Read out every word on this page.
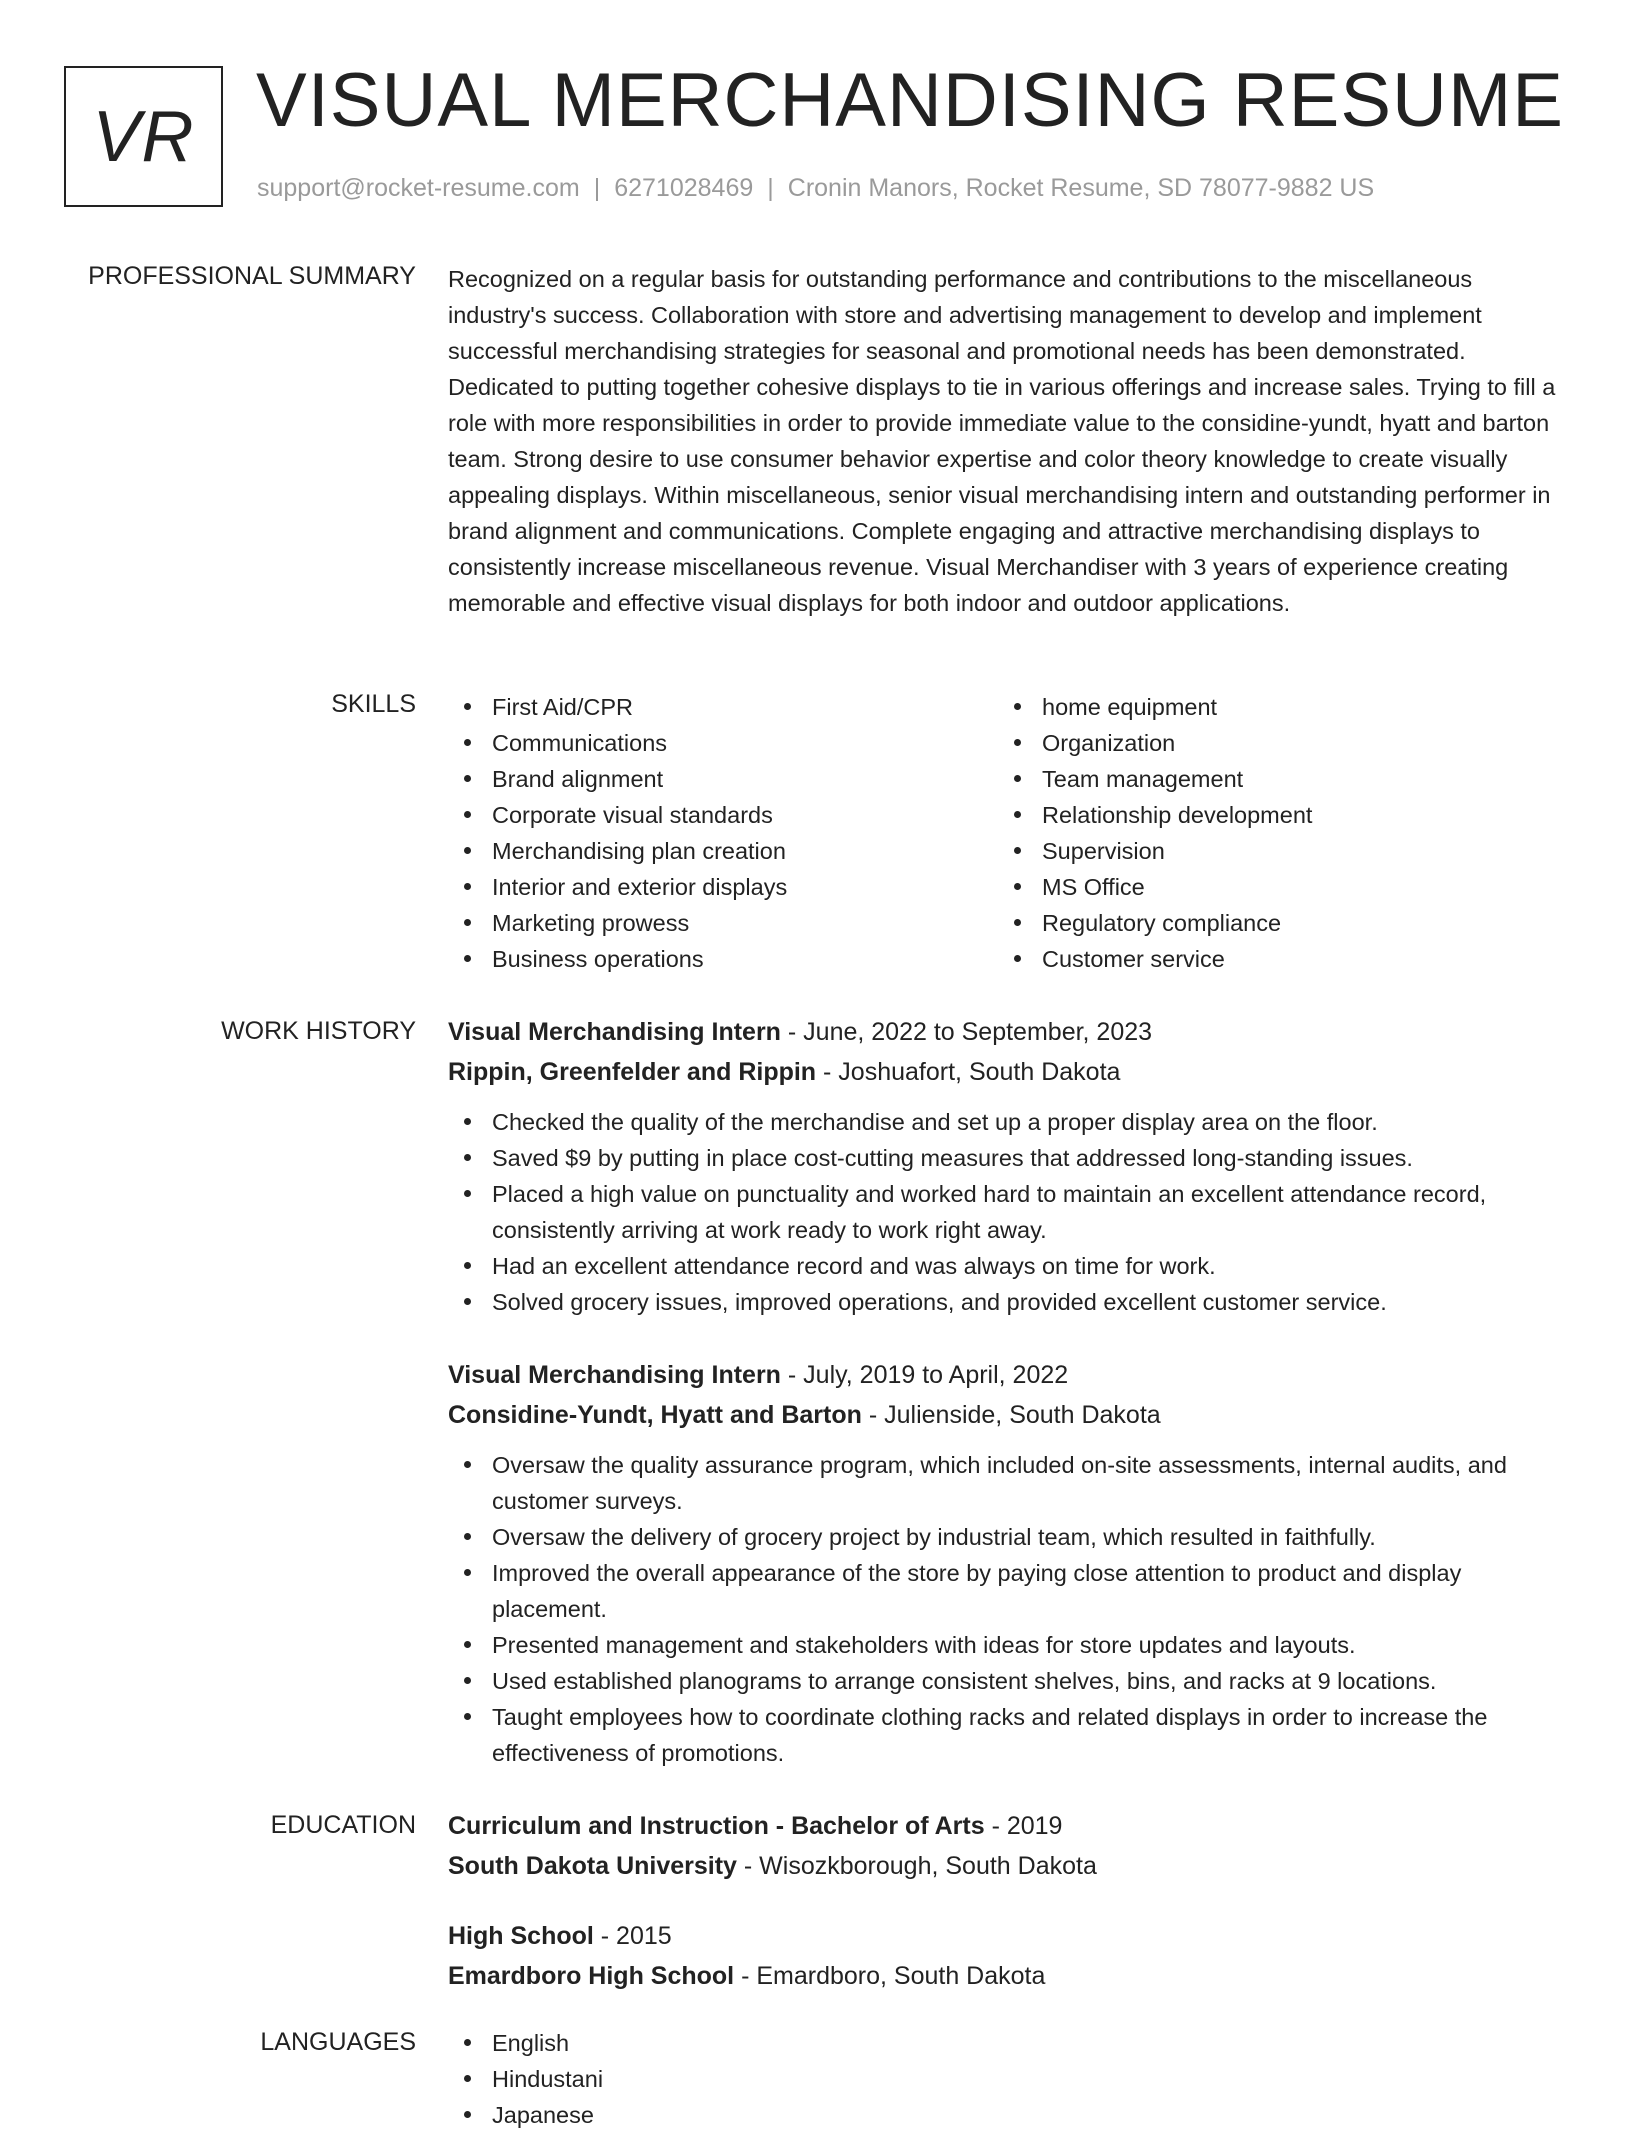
VR VISUAL MERCHANDISING RESUME
support@rocket-resume.com | 6271028469 | Cronin Manors, Rocket Resume, SD 78077-9882 US
PROFESSIONAL SUMMARY Recognized on a regular basis for outstanding performance and contributions to the miscellaneous industry's success. Collaboration with store and advertising management to develop and implement successful merchandising strategies for seasonal and promotional needs has been demonstrated. Dedicated to putting together cohesive displays to tie in various offerings and increase sales. Trying to fill a role with more responsibilities in order to provide immediate value to the considine-yundt, hyatt and barton team. Strong desire to use consumer behavior expertise and color theory knowledge to create visually appealing displays. Within miscellaneous, senior visual merchandising intern and outstanding performer in brand alignment and communications. Complete engaging and attractive merchandising displays to consistently increase miscellaneous revenue. Visual Merchandiser with 3 years of experience creating memorable and effective visual displays for both indoor and outdoor applications.

SKILLS	First Aid/CPR
Communications
Brand alignment
Corporate visual standards
Merchandising plan creation
Interior and exterior displays
Marketing prowess
Business operations
home equipment
Organization
Team management
Relationship development
Supervision
MS Office
Regulatory compliance
Customer service
WORK HISTORY Visual Merchandising Intern - June, 2022 to September, 2023
Rippin, Greenfelder and Rippin - Joshuafort, South Dakota
Checked the quality of the merchandise and set up a proper display area on the floor.
Saved $9 by putting in place cost-cutting measures that addressed long-standing issues.
Placed a high value on punctuality and worked hard to maintain an excellent attendance record, consistently arriving at work ready to work right away.
Had an excellent attendance record and was always on time for work.
Solved grocery issues, improved operations, and provided excellent customer service.
Visual Merchandising Intern - July, 2019 to April, 2022
Considine-Yundt, Hyatt and Barton - Julienside, South Dakota
Oversaw the quality assurance program, which included on-site assessments, internal audits, and customer surveys.
Oversaw the delivery of grocery project by industrial team, which resulted in faithfully.
Improved the overall appearance of the store by paying close attention to product and display placement.
Presented management and stakeholders with ideas for store updates and layouts.
Used established planograms to arrange consistent shelves, bins, and racks at 9 locations.
Taught employees how to coordinate clothing racks and related displays in order to increase the effectiveness of promotions.
EDUCATION Curriculum and Instruction - Bachelor of Arts - 2019
South Dakota University - Wisozkborough, South Dakota
High School - 2015
Emardboro High School - Emardboro, South Dakota
LANGUAGES	English
Hindustani
Japanese
